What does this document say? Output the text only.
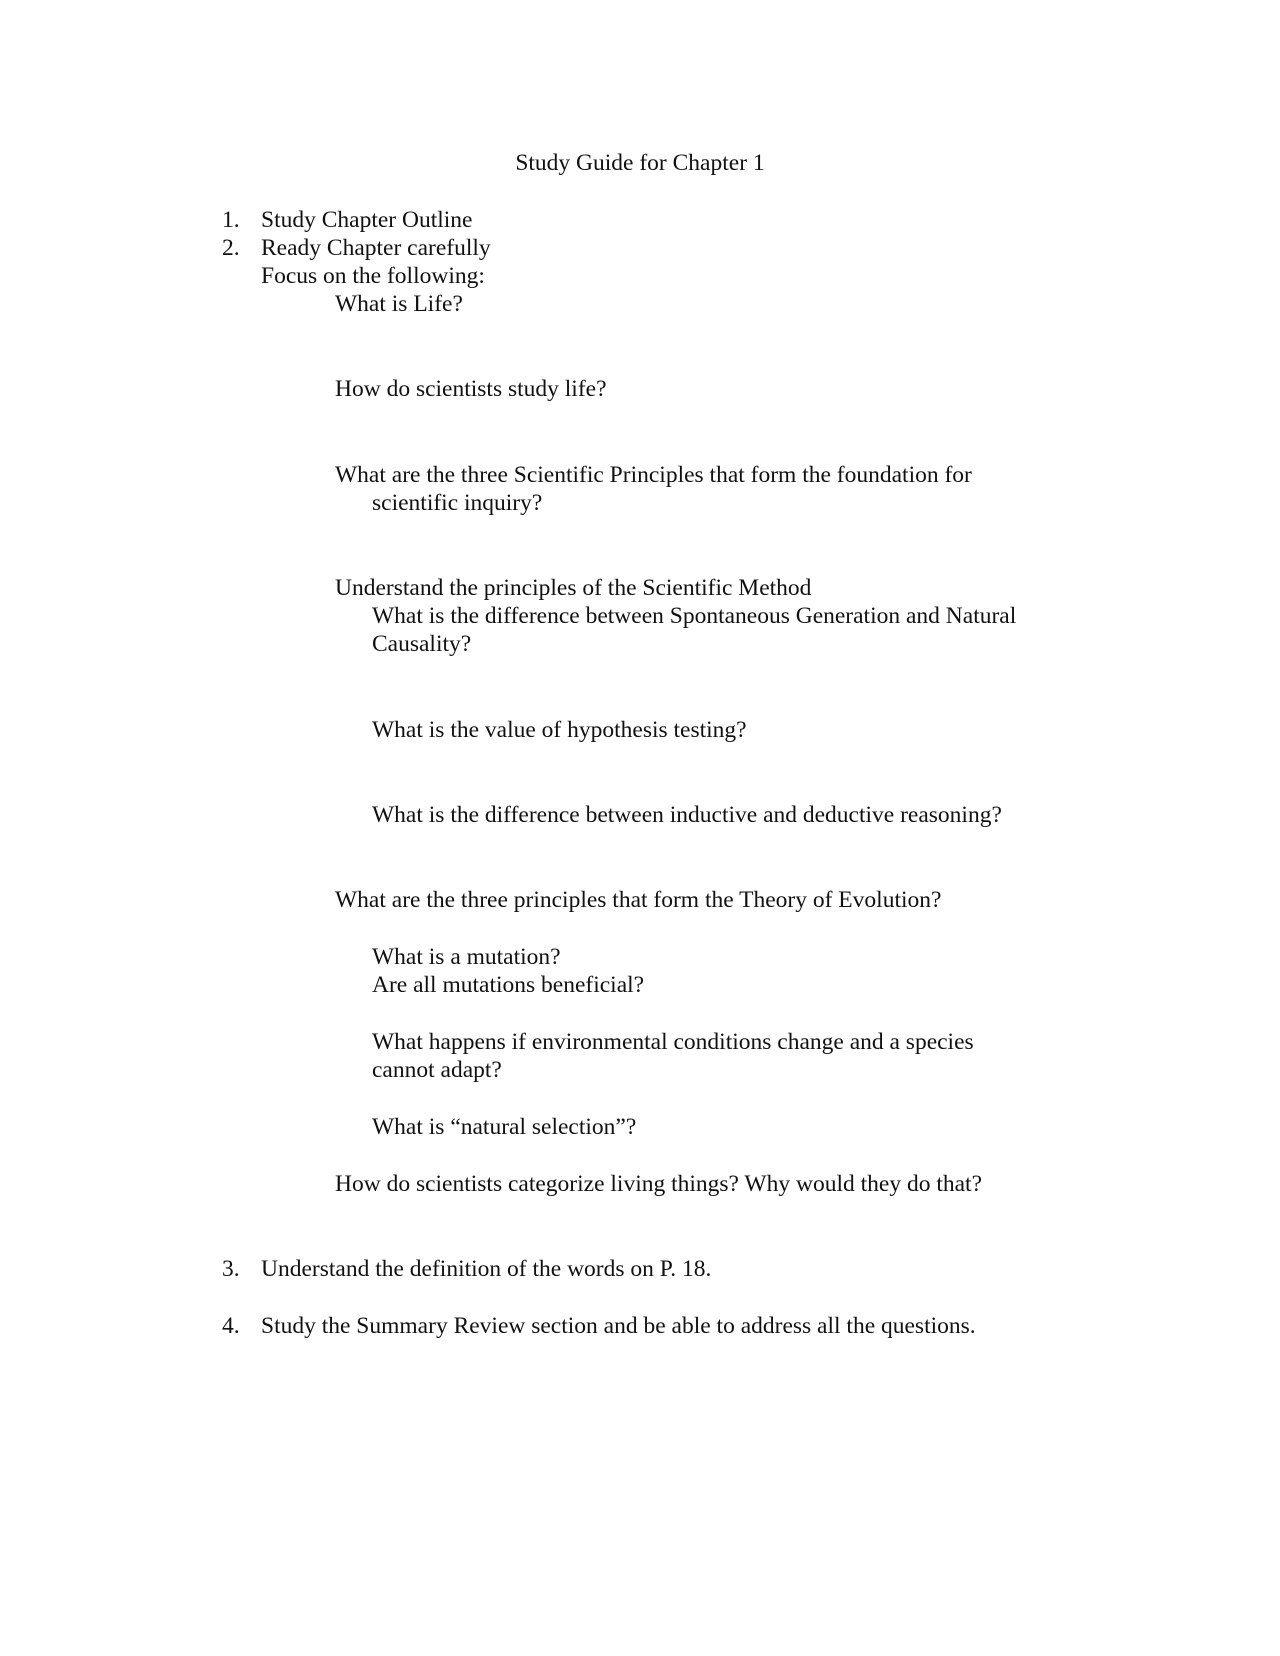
Study Guide for Chapter 1
1. Study Chapter Outline
2. Ready Chapter carefully
Focus on the following:
What is Life?
How do scientists study life?
What are the three Scientific Principles that form the foundation for
scientific inquiry?
Understand the principles of the Scientific Method
What is the difference between Spontaneous Generation and Natural
Causality?
What is the value of hypothesis testing?
What is the difference between inductive and deductive reasoning?
What are the three principles that form the Theory of Evolution?
What is a mutation?
Are all mutations beneficial?
What happens if environmental conditions change and a species
cannot adapt?
What is “natural selection”?
How do scientists categorize living things? Why would they do that?
3. Understand the definition of the words on P. 18.
4. Study the Summary Review section and be able to address all the questions.
